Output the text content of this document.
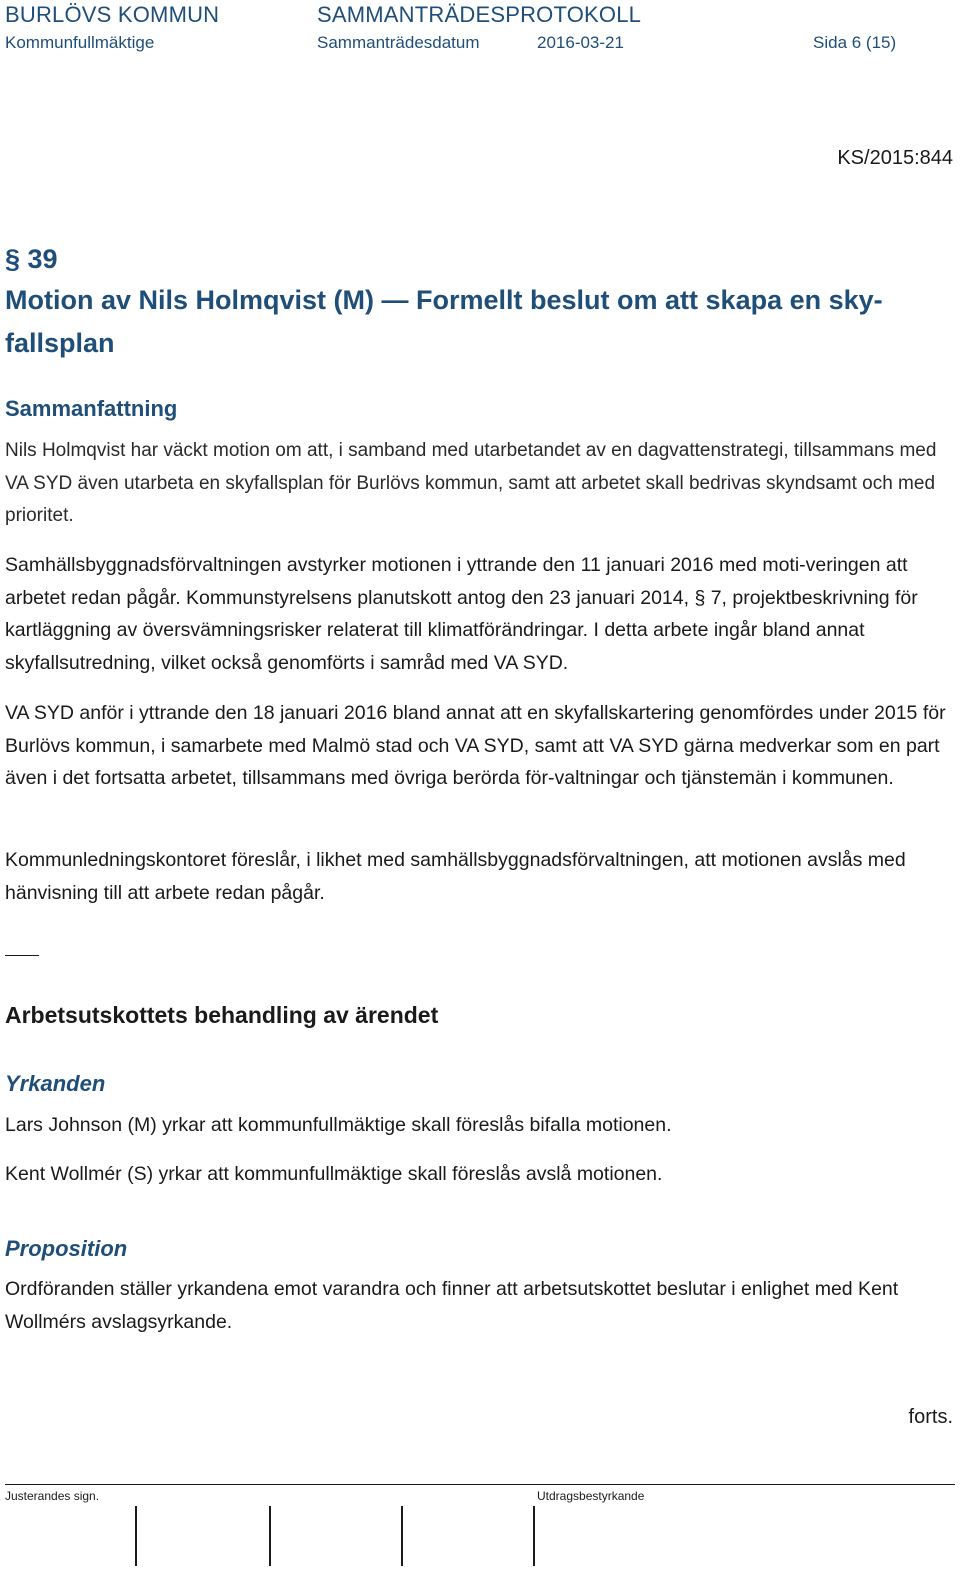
BURLÖVS KOMMUN	SAMMANTRÄDESPROTOKOLL
Kommunfullmäktige	Sammanträdesdatum	2016-03-21	Sida 6 (15)
KS/2015:844
§ 39
Motion av Nils Holmqvist (M) — Formellt beslut om att skapa en sky-fallsplan
Sammanfattning
Nils Holmqvist har väckt motion om att, i samband med utarbetandet av en dagvattenstrategi, tillsammans med VA SYD även utarbeta en skyfallsplan för Burlövs kommun, samt att arbetet skall bedrivas skyndsamt och med prioritet.
Samhällsbyggnadsförvaltningen avstyrker motionen i yttrande den 11 januari 2016 med moti-veringen att arbetet redan pågår. Kommunstyrelsens planutskott antog den 23 januari 2014, § 7, projektbeskrivning för kartläggning av översvämningsrisker relaterat till klimatförändringar. I detta arbete ingår bland annat skyfallsutredning, vilket också genomförts i samråd med VA SYD.
VA SYD anför i yttrande den 18 januari 2016 bland annat att en skyfallskartering genomfördes under 2015 för Burlövs kommun, i samarbete med Malmö stad och VA SYD, samt att VA SYD gärna medverkar som en part även i det fortsatta arbetet, tillsammans med övriga berörda för-valtningar och tjänstemän i kommunen.
Kommunledningskontoret föreslår, i likhet med samhällsbyggnadsförvaltningen, att motionen avslås med hänvisning till att arbete redan pågår.
Arbetsutskottets behandling av ärendet
Yrkanden
Lars Johnson (M) yrkar att kommunfullmäktige skall föreslås bifalla motionen.
Kent Wollmér (S) yrkar att kommunfullmäktige skall föreslås avslå motionen.
Proposition
Ordföranden ställer yrkandena emot varandra och finner att arbetsutskottet beslutar i enlighet med Kent Wollmérs avslagsyrkande.
forts.
Justerandes sign.	Utdragsbestyrkande
